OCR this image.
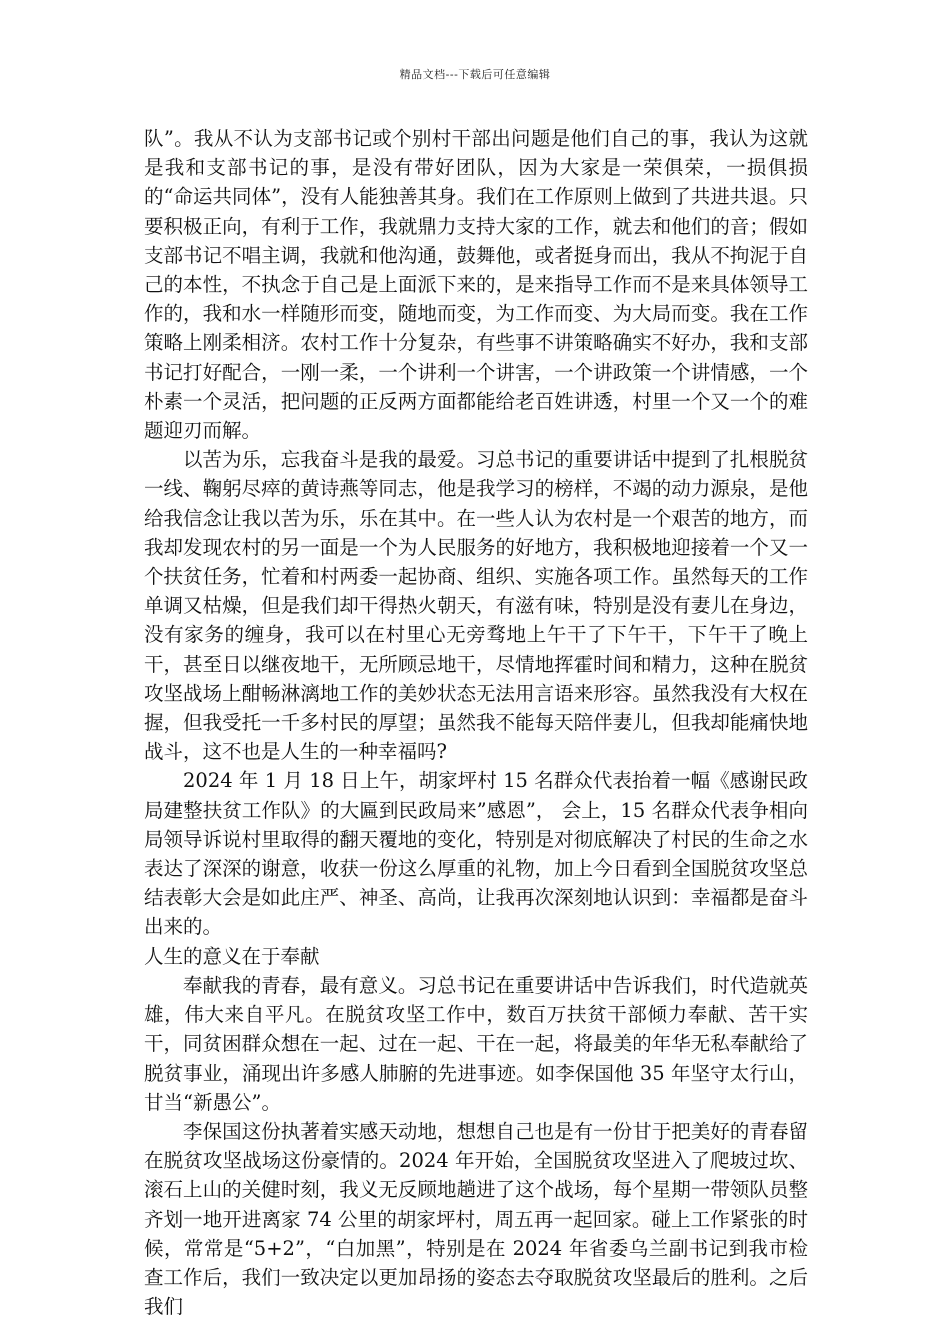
精品文档---下载后可任意编辑

队”。我从不认为支部书记或个别村干部出问题是他们自己的事，我认为这就是我和支部书记的事，是没有带好团队，因为大家是一荣俱荣，一损俱损的“命运共同体”，没有人能独善其身。我们在工作原则上做到了共进共退。只要积极正向，有利于工作，我就鼎力支持大家的工作，就去和他们的音；假如支部书记不唱主调，我就和他沟通，鼓舞他，或者挺身而出，我从不拘泥于自己的本性，不执念于自己是上面派下来的，是来指导工作而不是来具体领导工作的，我和水一样随形而变，随地而变，为工作而变、为大局而变。我在工作策略上刚柔相济。农村工作十分复杂，有些事不讲策略确实不好办，我和支部书记打好配合，一刚一柔，一个讲利一个讲害，一个讲政策一个讲情感，一个朴素一个灵活，把问题的正反两方面都能给老百姓讲透，村里一个又一个的难题迎刃而解。

以苦为乐，忘我奋斗是我的最爱。习总书记的重要讲话中提到了扎根脱贫一线、鞠躬尽瘁的黄诗燕等同志，他是我学习的榜样，不竭的动力源泉，是他给我信念让我以苦为乐，乐在其中。在一些人认为农村是一个艰苦的地方，而我却发现农村的另一面是一个为人民服务的好地方，我积极地迎接着一个又一个扶贫任务，忙着和村两委一起协商、组织、实施各项工作。虽然每天的工作单调又枯燥，但是我们却干得热火朝天，有滋有味，特别是没有妻儿在身边，没有家务的缠身，我可以在村里心无旁骛地上午干了下午干，下午干了晚上干，甚至日以继夜地干，无所顾忌地干，尽情地挥霍时间和精力，这种在脱贫攻坚战场上酣畅淋漓地工作的美妙状态无法用言语来形容。虽然我没有大权在握，但我受托一千多村民的厚望；虽然我不能每天陪伴妻儿，但我却能痛快地战斗，这不也是人生的一种幸福吗?

2024 年 1 月 18 日上午，胡家坪村 15 名群众代表抬着一幅《感谢民政局建整扶贫工作队》的大匾到民政局来”感恩”， 会上，15 名群众代表争相向局领导诉说村里取得的翻天覆地的变化，特别是对彻底解决了村民的生命之水表达了深深的谢意，收获一份这么厚重的礼物，加上今日看到全国脱贫攻坚总结表彰大会是如此庄严、神圣、高尚，让我再次深刻地认识到：幸福都是奋斗出来的。

人生的意义在于奉献

奉献我的青春，最有意义。习总书记在重要讲话中告诉我们，时代造就英雄，伟大来自平凡。在脱贫攻坚工作中，数百万扶贫干部倾力奉献、苦干实干，同贫困群众想在一起、过在一起、干在一起，将最美的年华无私奉献给了脱贫事业，涌现出许多感人肺腑的先进事迹。如李保国他 35 年坚守太行山，甘当“新愚公”。

李保国这份执著着实感天动地，想想自己也是有一份甘于把美好的青春留在脱贫攻坚战场这份豪情的。2024 年开始，全国脱贫攻坚进入了爬坡过坎、滚石上山的关健时刻，我义无反顾地趟进了这个战场，每个星期一带领队员整齐划一地开进离家 74 公里的胡家坪村，周五再一起回家。碰上工作紧张的时候，常常是“5+2”，“白加黑”，特别是在 2024 年省委乌兰副书记到我市检查工作后，我们一致决定以更加昂扬的姿态去夺取脱贫攻坚最后的胜利。之后我们
